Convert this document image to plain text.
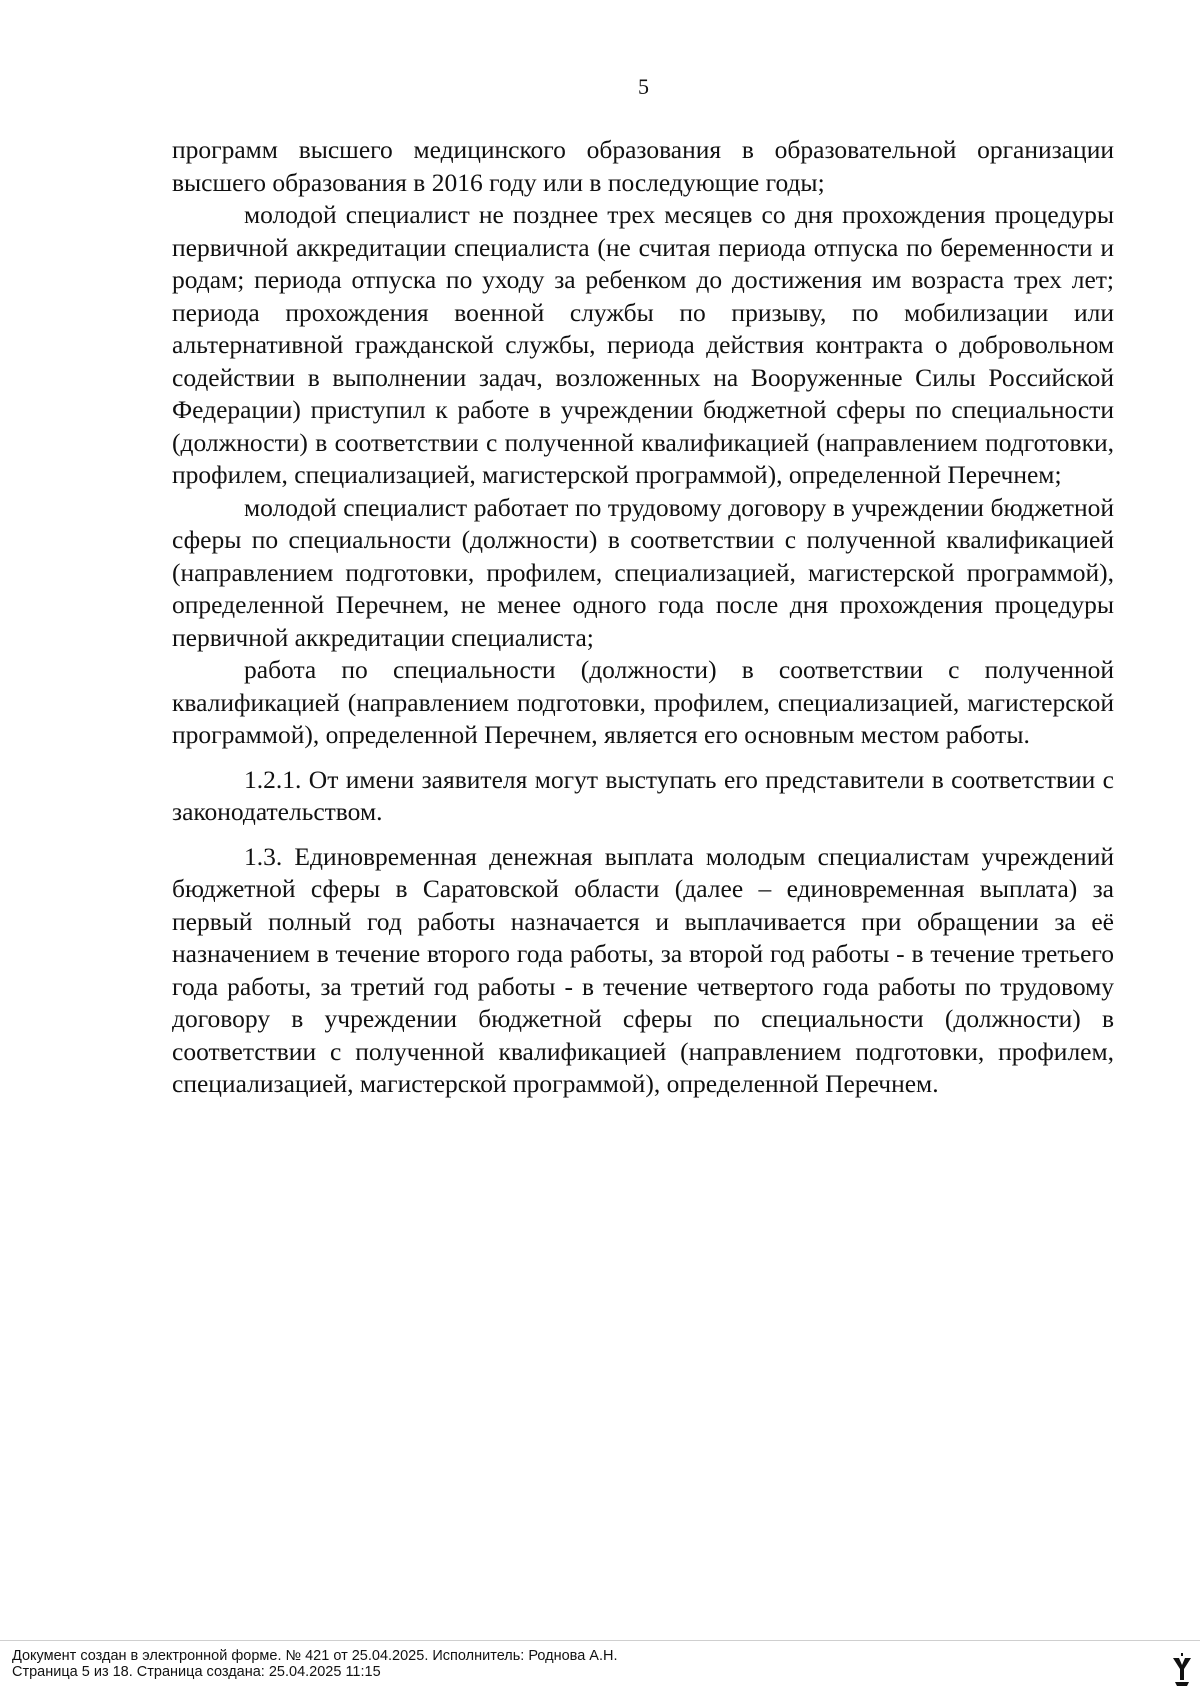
5

программ высшего медицинского образования в образовательной организации высшего образования в 2016 году или в последующие годы;

молодой специалист не позднее трех месяцев со дня прохождения процедуры первичной аккредитации специалиста (не считая периода отпуска по беременности и родам; периода отпуска по уходу за ребенком до достижения им возраста трех лет; периода прохождения военной службы по призыву, по мобилизации или альтернативной гражданской службы, периода действия контракта о добровольном содействии в выполнении задач, возложенных на Вооруженные Силы Российской Федерации) приступил к работе в учреждении бюджетной сферы по специальности (должности) в соответствии с полученной квалификацией (направлением подготовки, профилем, специализацией, магистерской программой), определенной Перечнем;

молодой специалист работает по трудовому договору в учреждении бюджетной сферы по специальности (должности) в соответствии с полученной квалификацией (направлением подготовки, профилем, специализацией, магистерской программой), определенной Перечнем, не менее одного года после дня прохождения процедуры первичной аккредитации специалиста;

работа по специальности (должности) в соответствии с полученной квалификацией (направлением подготовки, профилем, специализацией, магистерской программой), определенной Перечнем, является его основным местом работы.

1.2.1. От имени заявителя могут выступать его представители в соответствии с законодательством.

1.3. Единовременная денежная выплата молодым специалистам учреждений бюджетной сферы в Саратовской области (далее – единовременная выплата) за первый полный год работы назначается и выплачивается при обращении за её назначением в течение второго года работы, за второй год работы - в течение третьего года работы, за третий год работы - в течение четвертого года работы по трудовому договору в учреждении бюджетной сферы по специальности (должности) в соответствии с полученной квалификацией (направлением подготовки, профилем, специализацией, магистерской программой), определенной Перечнем.

Документ создан в электронной форме. № 421 от 25.04.2025. Исполнитель: Роднова А.Н.
Страница 5 из 18. Страница создана: 25.04.2025 11:15
